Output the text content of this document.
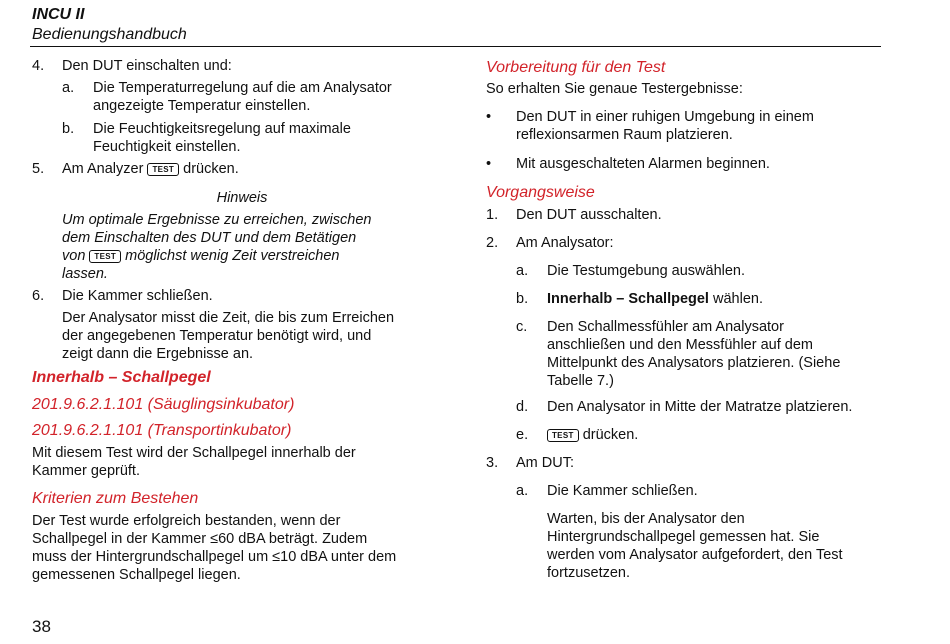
INCU II
Bedienungshandbuch
4. Den DUT einschalten und:
a. Die Temperaturregelung auf die am Analysator
angezeigte Temperatur einstellen.
b. Die Feuchtigkeitsregelung auf maximale
Feuchtigkeit einstellen.
5. Am Analyzer TEST drücken.
Hinweis
Um optimale Ergebnisse zu erreichen, zwischen
dem Einschalten des DUT und dem Betätigen
von TEST möglichst wenig Zeit verstreichen
lassen.
6. Die Kammer schließen.
Der Analysator misst die Zeit, die bis zum Erreichen
der angegebenen Temperatur benötigt wird, und
zeigt dann die Ergebnisse an.
Innerhalb – Schallpegel
201.9.6.2.1.101 (Säuglingsinkubator)
201.9.6.2.1.101 (Transportinkubator)
Mit diesem Test wird der Schallpegel innerhalb der
Kammer geprüft.
Kriterien zum Bestehen
Der Test wurde erfolgreich bestanden, wenn der
Schallpegel in der Kammer ≤60 dBA beträgt. Zudem
muss der Hintergrundschallpegel um ≤10 dBA unter dem
gemessenen Schallpegel liegen.
Vorbereitung für den Test
So erhalten Sie genaue Testergebnisse:
• Den DUT in einer ruhigen Umgebung in einem
reflexionsarmen Raum platzieren.
• Mit ausgeschalteten Alarmen beginnen.
Vorgangsweise
1. Den DUT ausschalten.
2. Am Analysator:
a. Die Testumgebung auswählen.
b. Innerhalb – Schallpegel wählen.
c. Den Schallmessfühler am Analysator
anschließen und den Messfühler auf dem
Mittelpunkt des Analysators platzieren. (Siehe
Tabelle 7.)
d. Den Analysator in Mitte der Matratze platzieren.
e.	TEST drücken.
3. Am DUT:
a. Die Kammer schließen.
Warten, bis der Analysator den
Hintergrundschallpegel gemessen hat. Sie
werden vom Analysator aufgefordert, den Test
fortzusetzen.
38
